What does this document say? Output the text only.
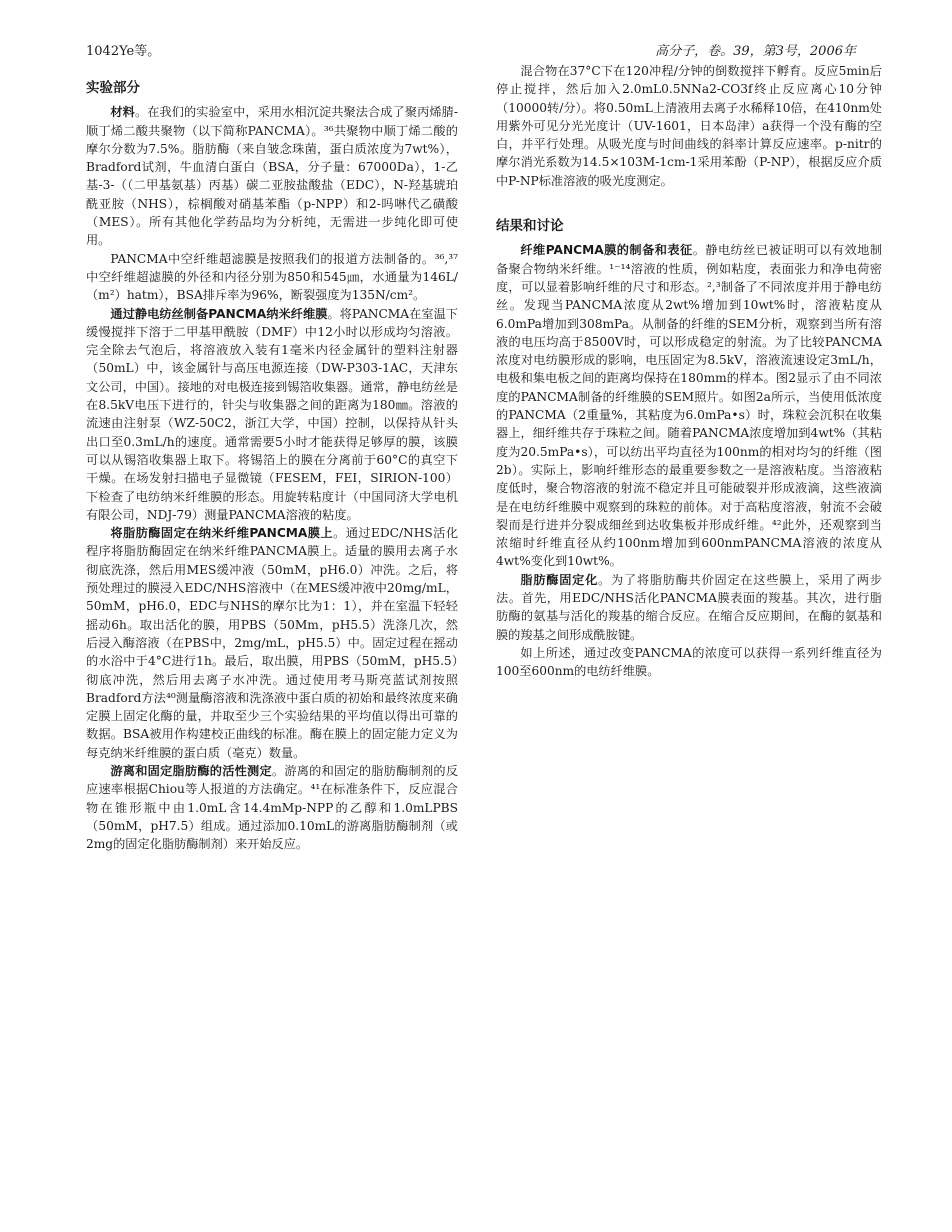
1042Ye等。	高分子，卷。39，第3号，2006年
实验部分

材料。在我们的实验室中，采用水相沉淀共聚法合成了聚丙烯腈-顺丁烯二酸共聚物（以下简称PANCMA）。³⁶共聚物中顺丁烯二酸的摩尔分数为7.5%。脂肪酶（来自皱念珠菌，蛋白质浓度为7wt%），Bradford试剂，牛血清白蛋白（BSA，分子量：67000Da），1-乙基-3-（（二甲基氨基）丙基）碳二亚胺盐酸盐（EDC），N-羟基琥珀酰亚胺（NHS），棕榈酸对硝基苯酯（p-NPP）和2-吗啉代乙磺酸（MES）。所有其他化学药品均为分析纯，无需进一步纯化即可使用。

PANCMA中空纤维超滤膜是按照我们的报道方法制备的。³⁶,³⁷中空纤维超滤膜的外径和内径分别为850和545㎛，水通量为146L/（m²）hatm），BSA排斥率为96%，断裂强度为135N/cm²。

通过静电纺丝制备PANCMA纳米纤维膜。将PANCMA在室温下缓慢搅拌下溶于二甲基甲酰胺（DMF）中12小时以形成均匀溶液。完全除去气泡后，将溶液放入装有1毫米内径金属针的塑料注射器（50mL）中，该金属针与高压电源连接（DW-P303-1AC，天津东文公司，中国）。接地的对电极连接到锡箔收集器。通常，静电纺丝是在8.5kV电压下进行的，针尖与收集器之间的距离为180㎜。溶液的流速由注射泵（WZ-50C2，浙江大学，中国）控制，以保持从针头出口至0.3mL/h的速度。通常需要5小时才能获得足够厚的膜，该膜可以从锡箔收集器上取下。将锡箔上的膜在分离前于60°C的真空下干燥。在场发射扫描电子显微镜（FESEM，FEI，SIRION-100）下检查了电纺纳米纤维膜的形态。用旋转粘度计（中国同济大学电机有限公司，NDJ-79）测量PANCMA溶液的粘度。

将脂肪酶固定在纳米纤维PANCMA膜上。通过EDC/NHS活化程序将脂肪酶固定在纳米纤维PANCMA膜上。适量的膜用去离子水彻底洗涤，然后用MES缓冲液（50mM，pH6.0）冲洗。之后，将预处理过的膜浸入EDC/NHS溶液中（在MES缓冲液中20mg/mL，50mM，pH6.0，EDC与NHS的摩尔比为1：1），并在室温下轻轻摇动6h。取出活化的膜，用PBS（50Mm，pH5.5）洗涤几次，然后浸入酶溶液（在PBS中，2mg/mL，pH5.5）中。固定过程在摇动的水浴中于4°C进行1h。最后，取出膜，用PBS（50mM，pH5.5）彻底冲洗，然后用去离子水冲洗。通过使用考马斯亮蓝试剂按照Bradford方法⁴⁰测量酶溶液和洗涤液中蛋白质的初始和最终浓度来确定膜上固定化酶的量，并取至少三个实验结果的平均值以得出可靠的数据。BSA被用作构建校正曲线的标准。酶在膜上的固定能力定义为每克纳米纤维膜的蛋白质（毫克）数量。

游离和固定脂肪酶的活性测定。游离的和固定的脂肪酶制剂的反应速率根据Chiou等人报道的方法确定。⁴¹在标准条件下，反应混合物在锥形瓶中由1.0mL含14.4mMp-NPP的乙醇和1.0mLPBS（50mM，pH7.5）组成。通过添加0.10mL的游离脂肪酶制剂（或2mg的固定化脂肪酶制剂）来开始反应。

混合物在37°C下在120冲程/分钟的倒数搅拌下孵育。反应5min后停止搅拌，然后加入2.0mL0.5NNa2-CO3f终止反应离心10分钟（10000转/分）。将0.50mL上清液用去离子水稀释10倍，在410nm处用紫外可见分光光度计（UV-1601，日本岛津）a获得一个没有酶的空白，并平行处理。从吸光度与时间曲线的斜率计算反应速率。p-nitr的摩尔消光系数为14.5×103M-1cm-1采用苯酚（P-NP），根据反应介质中P-NP标准溶液的吸光度测定。

结果和讨论

纤维PANCMA膜的制备和表征。静电纺丝已被证明可以有效地制备聚合物纳米纤维。¹⁻¹⁴溶液的性质，例如粘度，表面张力和净电荷密度，可以显着影响纤维的尺寸和形态。²,³制备了不同浓度并用于静电纺丝。发现当PANCMA浓度从2wt%增加到10wt%时，溶液粘度从6.0mPa增加到308mPa。从制备的纤维的SEM分析，观察到当所有溶液的电压均高于8500V时，可以形成稳定的射流。为了比较PANCMA浓度对电纺膜形成的影响，电压固定为8.5kV，溶液流速设定3mL/h，电极和集电板之间的距离均保持在180mm的样本。图2显示了由不同浓度的PANCMA制备的纤维膜的SEM照片。如图2a所示，当使用低浓度的PANCMA（2重量%，其粘度为6.0mPa•s）时，珠粒会沉积在收集器上，细纤维共存于珠粒之间。随着PANCMA浓度增加到4wt%（其粘度为20.5mPa•s），可以纺出平均直径为100nm的相对均匀的纤维（图2b）。实际上，影响纤维形态的最重要参数之一是溶液粘度。当溶液粘度低时，聚合物溶液的射流不稳定并且可能破裂并形成液滴，这些液滴是在电纺纤维膜中观察到的珠粒的前体。对于高粘度溶液，射流不会破裂而是行进并分裂成细丝到达收集板并形成纤维。⁴²此外，还观察到当浓缩时纤维直径从约100nm增加到600nmPANCMA溶液的浓度从4wt%变化到10wt%。

脂肪酶固定化。为了将脂肪酶共价固定在这些膜上，采用了两步法。首先，用EDC/NHS活化PANCMA膜表面的羧基。其次，进行脂肪酶的氨基与活化的羧基的缩合反应。在缩合反应期间，在酶的氨基和膜的羧基之间形成酰胺键。

如上所述，通过改变PANCMA的浓度可以获得一系列纤维直径为100至600nm的电纺纤维膜。
